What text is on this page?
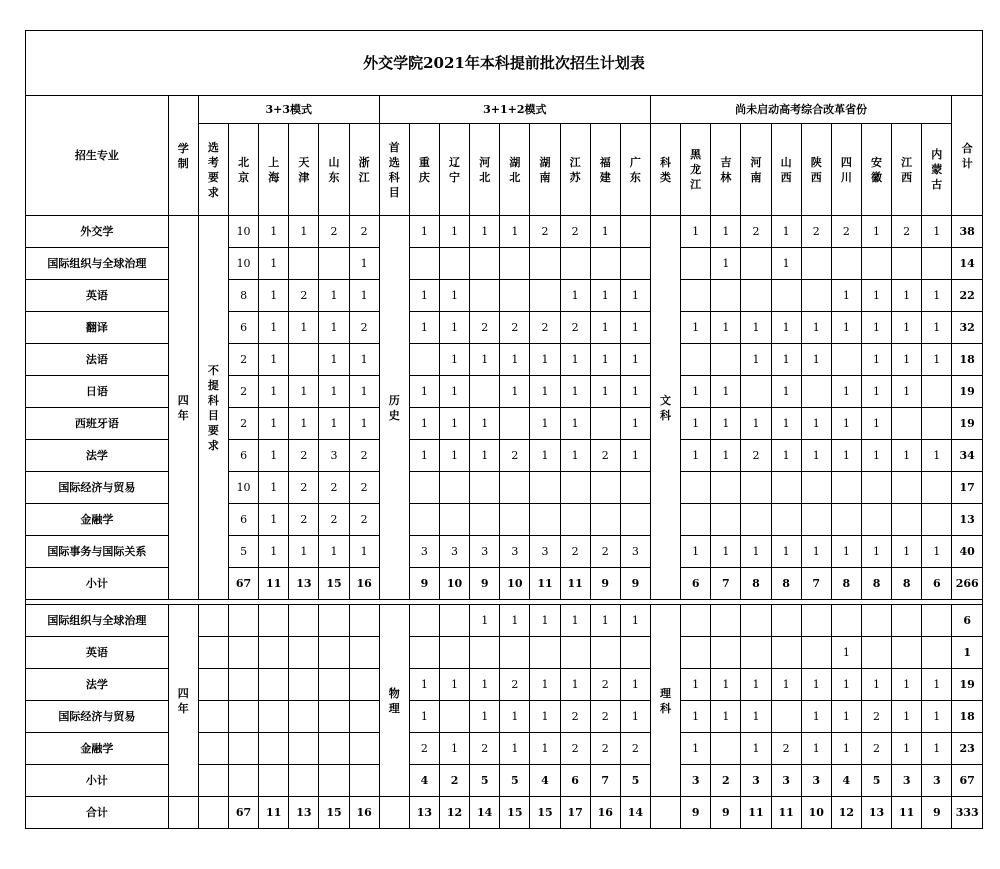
外交学院2021年本科提前批次招生计划表																											
招生专业	学制	3+3模式						3+1+2模式									尚未启动高考综合改革省份										合计
		选考要求	北京	上海	天津	山东	浙江	首选科目	重庆	辽宁	河北	湖北	湖南	江苏	福建	广东	科类	黑龙江	吉林	河南	山西	陕西	四川	安徽	江西	内蒙古	
外交学	四年	不提科目要求	10	1	1	2	2	历史	1	1	1	1	2	2	1		文科	1	1	2	1	2	2	1	2	1	38
国际组织与全球治理			10	1			1												1		1						14
英语			8	1	2	1	1		1	1				1	1	1							1	1	1	1	22
翻译			6	1	1	1	2		1	1	2	2	2	2	1	1		1	1	1	1	1	1	1	1	1	32
法语			2	1		1	1			1	1	1	1	1	1	1				1	1	1		1	1	1	18
日语			2	1	1	1	1		1	1		1	1	1	1	1		1	1		1		1	1	1		19
西班牙语			2	1	1	1	1		1	1	1		1	1		1		1	1	1	1	1	1	1			19
法学			6	1	2	3	2		1	1	1	2	1	1	2	1		1	1	2	1	1	1	1	1	1	34
国际经济与贸易			10	1	2	2	2																				17
金融学			6	1	2	2	2																				13
国际事务与国际关系			5	1	1	1	1		3	3	3	3	3	2	2	3		1	1	1	1	1	1	1	1	1	40
小计			67	11	13	15	16		9	10	9	10	11	11	9	9		6	7	8	8	7	8	8	8	6	266

国际组织与全球治理	四年							物理			1	1	1	1	1	1	理科										6
英语																							1				1
法学									1	1	1	2	1	1	2	1		1	1	1	1	1	1	1	1	1	19
国际经济与贸易									1		1	1	1	2	2	1		1	1	1		1	1	2	1	1	18
金融学									2	1	2	1	1	2	2	2		1		1	2	1	1	2	1	1	23
小计									4	2	5	5	4	6	7	5		3	2	3	3	3	4	5	3	3	67
合计			67	11	13	15	16		13	12	14	15	15	17	16	14		9	9	11	11	10	12	13	11	9	333
